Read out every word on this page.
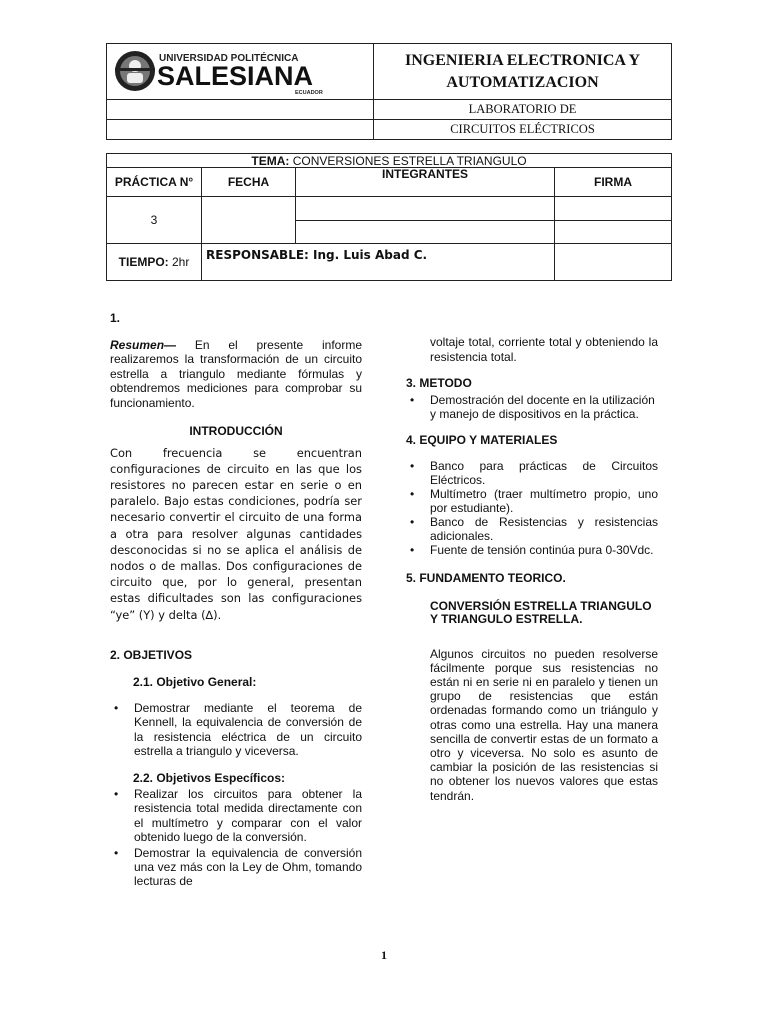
UNIVERSIDAD POLITÉCNICA
SALESIANA
ECUADOR	INGENIERIA ELECTRONICA Y AUTOMATIZACION
	LABORATORIO DE
	CIRCUITOS ELÉCTRICOS
TEMA: CONVERSIONES ESTRELLA TRIANGULO			
PRÁCTICA N°	FECHA	INTEGRANTES	FIRMA
3			

TIEMPO: 2hr	RESPONSABLE: Ing. Luis Abad C.		

1.

Resumen— En el presente informe realizaremos la transformación de un circuito estrella a triangulo mediante fórmulas y obtendremos mediciones para comprobar su funcionamiento.

INTRODUCCIÓN

Con frecuencia se encuentran configuraciones de circuito en las que los resistores no parecen estar en serie o en paralelo. Bajo estas condiciones, podría ser necesario convertir el circuito de una forma a otra para resolver algunas cantidades desconocidas si no se aplica el análisis de nodos o de mallas. Dos configuraciones de circuito que, por lo general, presentan estas dificultades son las configuraciones “ye” (Y) y delta (∆).

2. OBJETIVOS

2.1. Objetivo General:

• Demostrar mediante el teorema de Kennell, la equivalencia de conversión de la resistencia eléctrica de un circuito estrella a triangulo y viceversa.

2.2. Objetivos Específicos:

• Realizar los circuitos para obtener la resistencia total medida directamente con el multímetro y comparar con el valor obtenido luego de la conversión.
• Demostrar la equivalencia de conversión una vez más con la Ley de Ohm, tomando lecturas de

voltaje total, corriente total y obteniendo la resistencia total.

3. METODO

• Demostración del docente en la utilización y manejo de dispositivos en la práctica.

4. EQUIPO Y MATERIALES

• Banco para prácticas de Circuitos Eléctricos.
• Multímetro (traer multímetro propio, uno por estudiante).
• Banco de Resistencias y resistencias adicionales.
• Fuente de tensión continúa pura 0-30Vdc.

5. FUNDAMENTO TEORICO.

CONVERSIÓN ESTRELLA TRIANGULO Y TRIANGULO ESTRELLA.

Algunos circuitos no pueden resolverse fácilmente porque sus resistencias no están ni en serie ni en paralelo y tienen un grupo de resistencias que están ordenadas formando como un triángulo y otras como una estrella. Hay una manera sencilla de convertir estas de un formato a otro y viceversa. No solo es asunto de cambiar la posición de las resistencias si no obtener los nuevos valores que estas tendrán.

1
